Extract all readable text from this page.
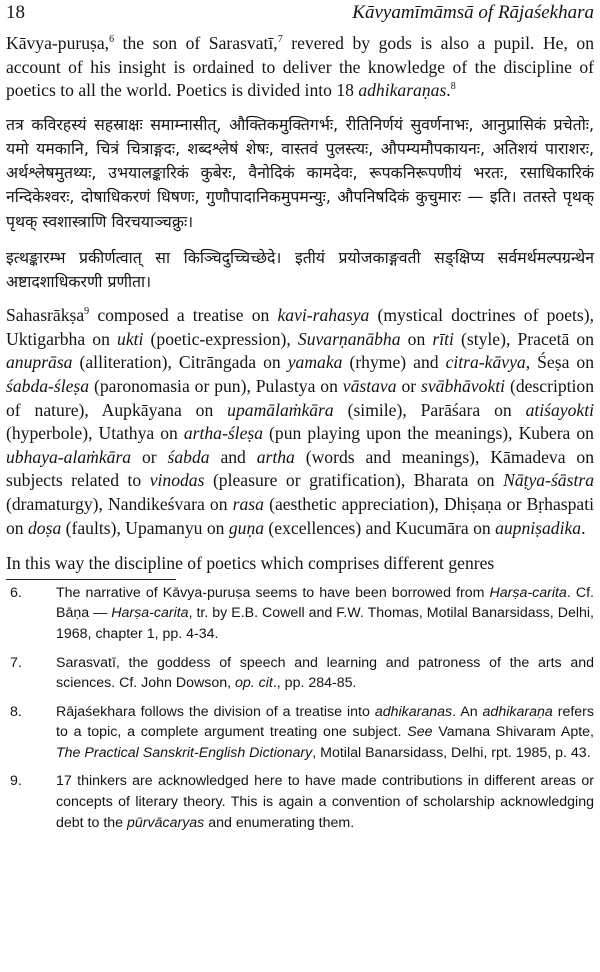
18	Kāvyamīmāmsā of Rājaśekhara

Kāvya-puruṣa,$^6$ the son of Sarasvatī,$^7$ revered by gods is also a pupil. He, on account of his insight is ordained to deliver the knowledge of the discipline of poetics to all the world. Poetics is divided into 18 adhikaraṇas.$^8$

तत्र कविरहस्यं सहस्राक्षः समाम्नासीत्, औक्तिकमुक्तिगर्भः, रीतिनिर्णयं सुवर्णनाभः, आनुप्रासिकं प्रचेतोः, यमो यमकानि, चित्रं चित्राङ्गदः, शब्दश्लेषं शेषः, वास्तवं पुलस्त्यः, औपम्यमौपकायनः, अतिशयं पाराशरः, अर्थश्लेषमुतथ्यः, उभयालङ्कारिकं कुबेरः, वैनोदिकं कामदेवः, रूपकनिरूपणीयं भरतः, रसाधिकारिकं नन्दिकेश्वरः, दोषाधिकरणं धिषणः, गुणौपादानिकमुपमन्युः, औपनिषदिकं कुचुमारः — इति। ततस्ते पृथक् पृथक् स्वशास्त्राणि विरचयाञ्चक्रुः।

इत्थङ्कारम्भ प्रकीर्णत्वात् सा किञ्चिदुच्चिच्छेदे। इतीयं प्रयोजकाङ्गवती सङ्क्षिप्य सर्वमर्थमल्पग्रन्थेन अष्टादशाधिकरणी प्रणीता।

Sahasrākṣa$^9$ composed a treatise on kavi-rahasya (mystical doctrines of poets), Uktigarbha on ukti (poetic-expression), Suvarṇanābha on rīti (style), Pracetā on anuprāsa (alliteration), Citrāngada on yamaka (rhyme) and citra-kāvya, Śeṣa on śabda-śleṣa (paronomasia or pun), Pulastya on vāstava or svābhāvokti (description of nature), Aupkāyana on upamālaṁkāra (simile), Parāśara on atiśayokti (hyperbole), Utathya on artha-śleṣa (pun playing upon the meanings), Kubera on ubhaya-alaṁkāra or śabda and artha (words and meanings), Kāmadeva on subjects related to vinodas (pleasure or gratification), Bharata on Nāṭya-śāstra (dramaturgy), Nandikeśvara on rasa (aesthetic appreciation), Dhiṣaṇa or Bṛhaspati on doṣa (faults), Upamanyu on guṇa (excellences) and Kucumāra on aupniṣadika.

In this way the discipline of poetics which comprises different genres

6.	The narrative of Kāvya-puruṣa seems to have been borrowed from Harṣa-carita. Cf. Bāṇa — Harṣa-carita, tr. by E.B. Cowell and F.W. Thomas, Motilal Banarsidass, Delhi, 1968, chapter 1, pp. 4-34.
7.	Sarasvatī, the goddess of speech and learning and patroness of the arts and sciences. Cf. John Dowson, op. cit., pp. 284-85.
8.	Rājaśekhara follows the division of a treatise into adhikaranas. An adhikaraṇa refers to a topic, a complete argument treating one subject. See Vamana Shivaram Apte, The Practical Sanskrit-English Dictionary, Motilal Banarsidass, Delhi, rpt. 1985, p. 43.
9.	17 thinkers are acknowledged here to have made contributions in different areas or concepts of literary theory. This is again a convention of scholarship acknowledging debt to the pūrvācaryas and enumerating them.
